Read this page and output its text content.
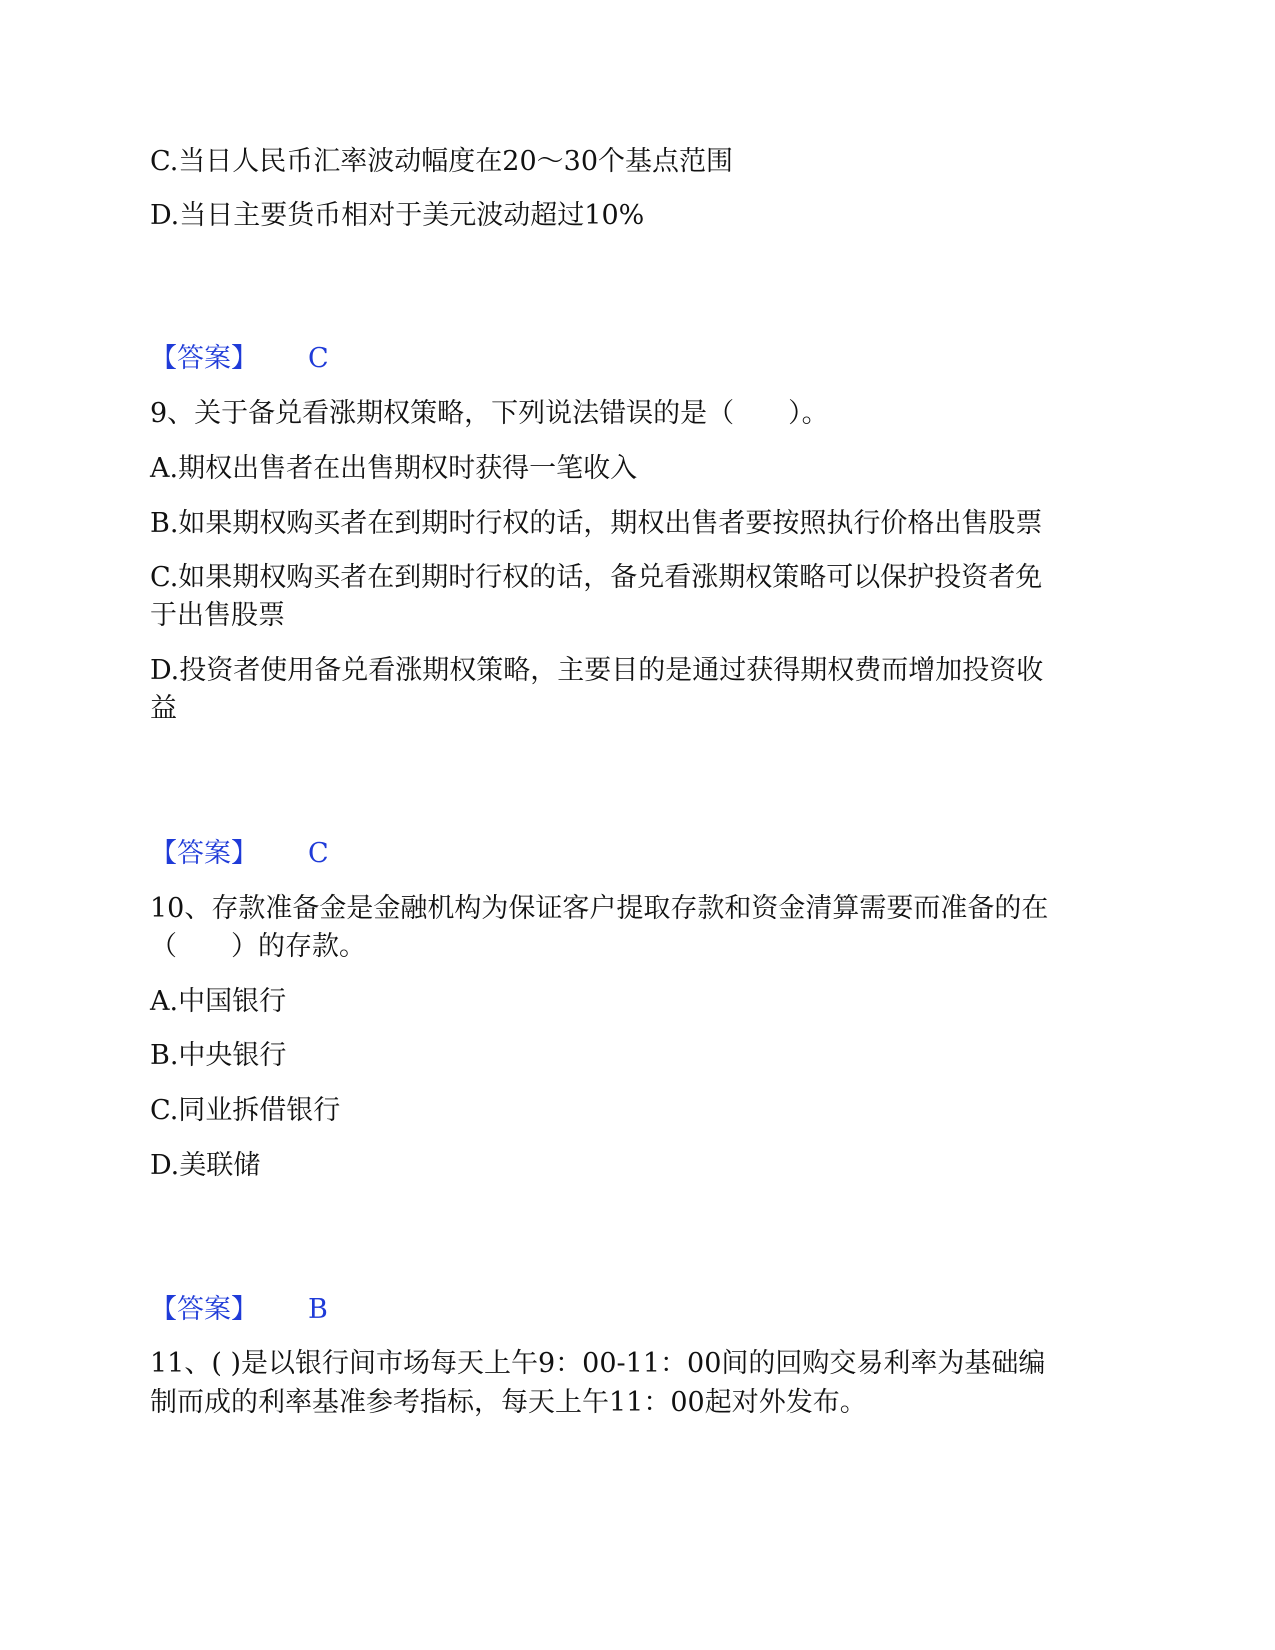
C.当日人民币汇率波动幅度在20～30个基点范围

D.当日主要货币相对于美元波动超过10%

【答案】 C

9、关于备兑看涨期权策略，下列说法错误的是（　　）。

A.期权出售者在出售期权时获得一笔收入

B.如果期权购买者在到期时行权的话，期权出售者要按照执行价格出售股票

C.如果期权购买者在到期时行权的话，备兑看涨期权策略可以保护投资者免

于出售股票

D.投资者使用备兑看涨期权策略，主要目的是通过获得期权费而增加投资收

益

【答案】 C

10、存款准备金是金融机构为保证客户提取存款和资金清算需要而准备的在

（　　）的存款。

A.中国银行

B.中央银行

C.同业拆借银行

D.美联储

【答案】 B

11、( )是以银行间市场每天上午9：00-11：00间的回购交易利率为基础编

制而成的利率基准参考指标，每天上午11：00起对外发布。
